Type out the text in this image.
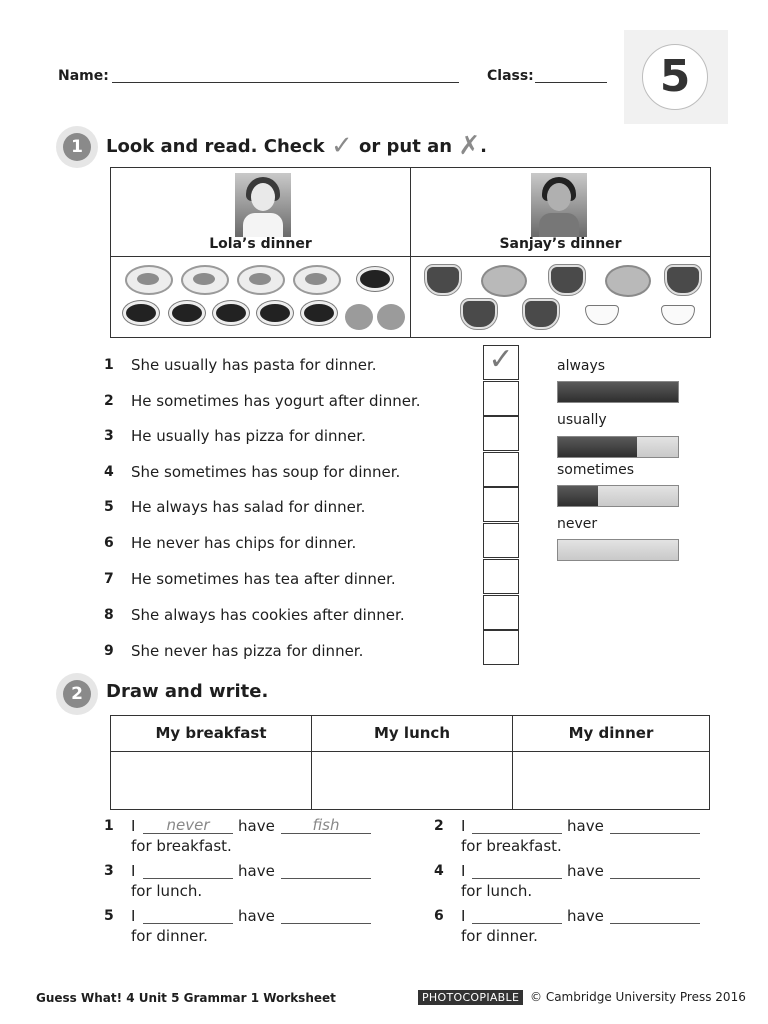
Name:	Class:	5
1	Look and read. Check ✓ or put an ✗.
Lola’s dinner	Sanjay’s dinner
1 She usually has pasta for dinner.	✓
2 He sometimes has yogurt after dinner.
3 He usually has pizza for dinner.
4 She sometimes has soup for dinner.
5 He always has salad for dinner.
6 He never has chips for dinner.
7 He sometimes has tea after dinner.
8 She always has cookies after dinner.
9 She never has pizza for dinner.
always
usually
sometimes
never
2	Draw and write.
My breakfast	My lunch	My dinner
1 I	never	have	fish
for breakfast.
2 I	have
for breakfast.
3 I	have
for lunch.
4 I	have
for lunch.
5 I	have
for dinner.
6 I	have
for dinner.
Guess What! 4 Unit 5 Grammar 1 Worksheet	PHOTOCOPIABLE © Cambridge University Press 2016
